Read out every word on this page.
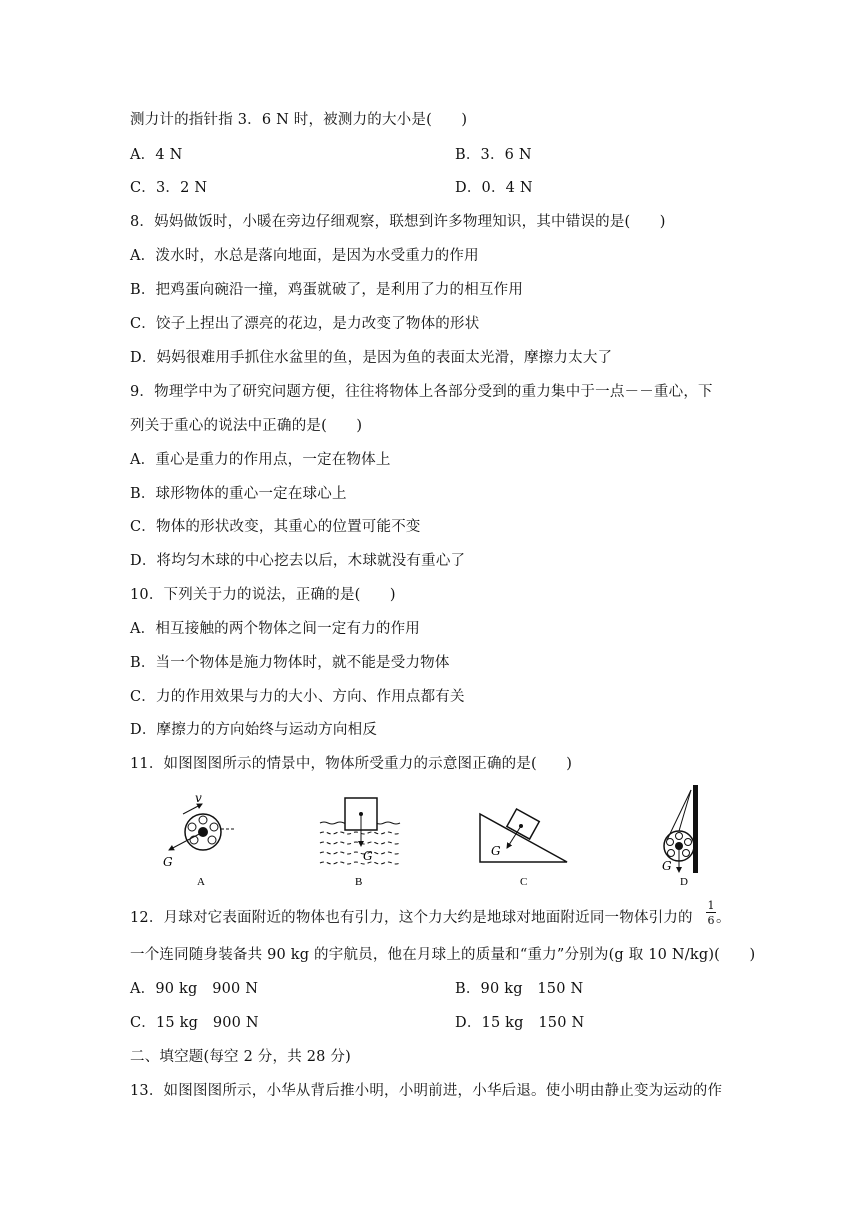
测力计的指针指 3．6 N 时，被测力的大小是(　　)
A．4 N	B．3．6 N
C．3．2 N	D．0．4 N
8．妈妈做饭时，小暖在旁边仔细观察，联想到许多物理知识，其中错误的是(　　)
A．泼水时，水总是落向地面，是因为水受重力的作用
B．把鸡蛋向碗沿一撞，鸡蛋就破了，是利用了力的相互作用
C．饺子上捏出了漂亮的花边，是力改变了物体的形状
D．妈妈很难用手抓住水盆里的鱼，是因为鱼的表面太光滑，摩擦力太大了
9．物理学中为了研究问题方便，往往将物体上各部分受到的重力集中于一点－－重心，下
列关于重心的说法中正确的是(　　)
A．重心是重力的作用点，一定在物体上
B．球形物体的重心一定在球心上
C．物体的形状改变，其重心的位置可能不变
D．将均匀木球的中心挖去以后，木球就没有重心了
10．下列关于力的说法，正确的是(　　)
A．相互接触的两个物体之间一定有力的作用
B．当一个物体是施力物体时，就不能是受力物体
C．力的作用效果与力的大小、方向、作用点都有关
D．摩擦力的方向始终与运动方向相反
11．如图图图所示的情景中，物体所受重力的示意图正确的是(　　)
v
G
A
G
B
G
C
G
D
12．月球对它表面附近的物体也有引力，这个力大约是地球对地面附近同一物体引力的 $\frac{1}{6}$ 。
一个连同随身装备共 90 kg 的宇航员，他在月球上的质量和“重力”分别为(g 取 10 N/kg)(　　)
A．90 kg　900 N	B．90 kg　150 N
C．15 kg　900 N	D．15 kg　150 N
二、填空题(每空 2 分，共 28 分)
13．如图图图所示，小华从背后推小明，小明前进，小华后退。使小明由静止变为运动的作
